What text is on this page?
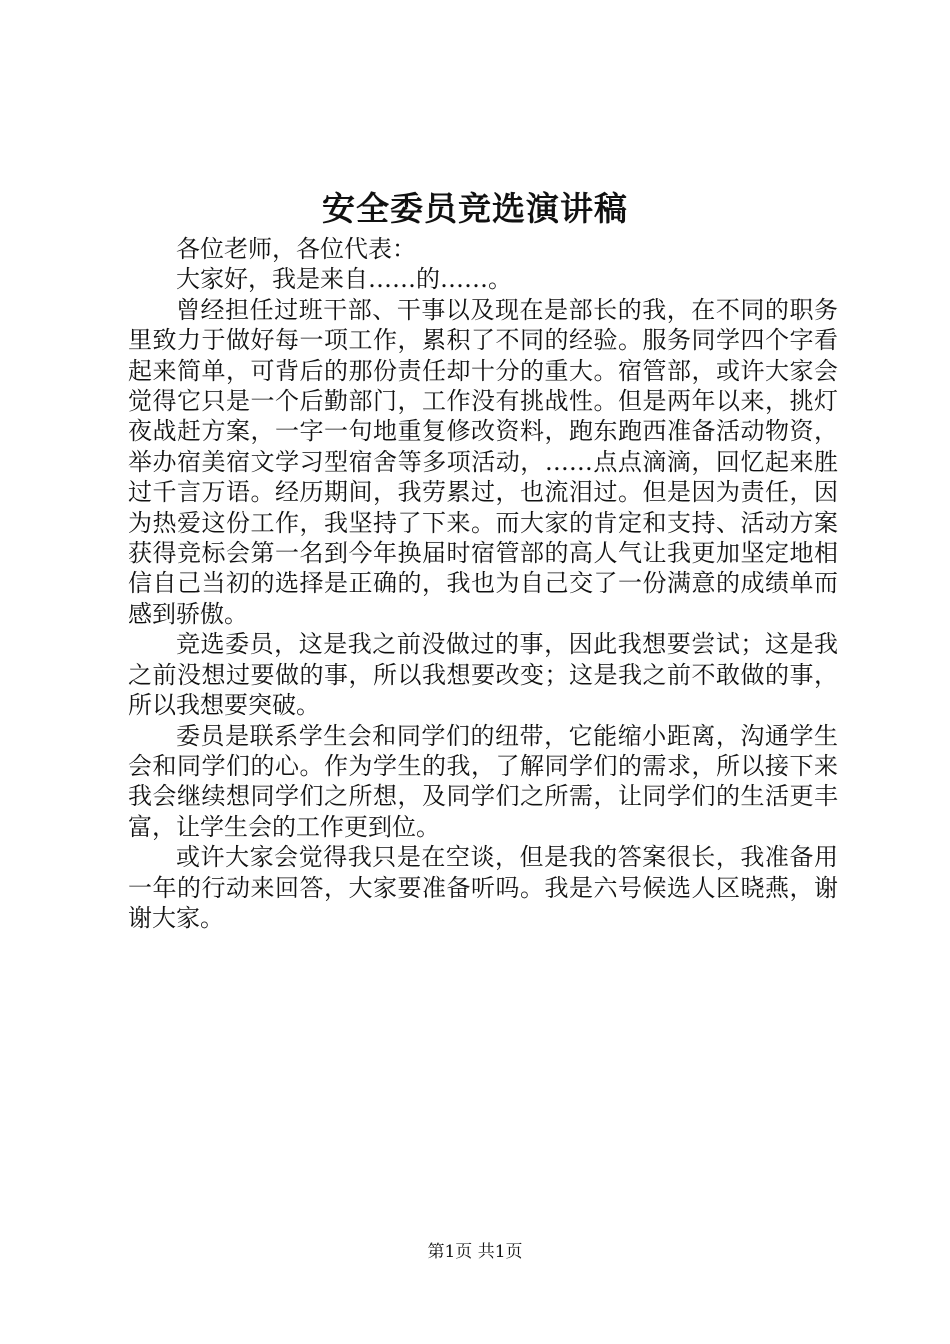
安全委员竞选演讲稿

各位老师，各位代表：

大家好，我是来自……的……。

曾经担任过班干部、干事以及现在是部长的我，在不同的职务里致力于做好每一项工作，累积了不同的经验。服务同学四个字看起来简单，可背后的那份责任却十分的重大。宿管部，或许大家会觉得它只是一个后勤部门，工作没有挑战性。但是两年以来，挑灯夜战赶方案，一字一句地重复修改资料，跑东跑西准备活动物资，举办宿美宿文学习型宿舍等多项活动，……点点滴滴，回忆起来胜过千言万语。经历期间，我劳累过，也流泪过。但是因为责任，因为热爱这份工作，我坚持了下来。而大家的肯定和支持、活动方案获得竞标会第一名到今年换届时宿管部的高人气让我更加坚定地相信自己当初的选择是正确的，我也为自己交了一份满意的成绩单而感到骄傲。

竞选委员，这是我之前没做过的事，因此我想要尝试；这是我之前没想过要做的事，所以我想要改变；这是我之前不敢做的事，所以我想要突破。

委员是联系学生会和同学们的纽带，它能缩小距离，沟通学生会和同学们的心。作为学生的我，了解同学们的需求，所以接下来我会继续想同学们之所想，及同学们之所需，让同学们的生活更丰富，让学生会的工作更到位。

或许大家会觉得我只是在空谈，但是我的答案很长，我准备用一年的行动来回答，大家要准备听吗。我是六号候选人区晓燕，谢谢大家。

第1页 共1页
